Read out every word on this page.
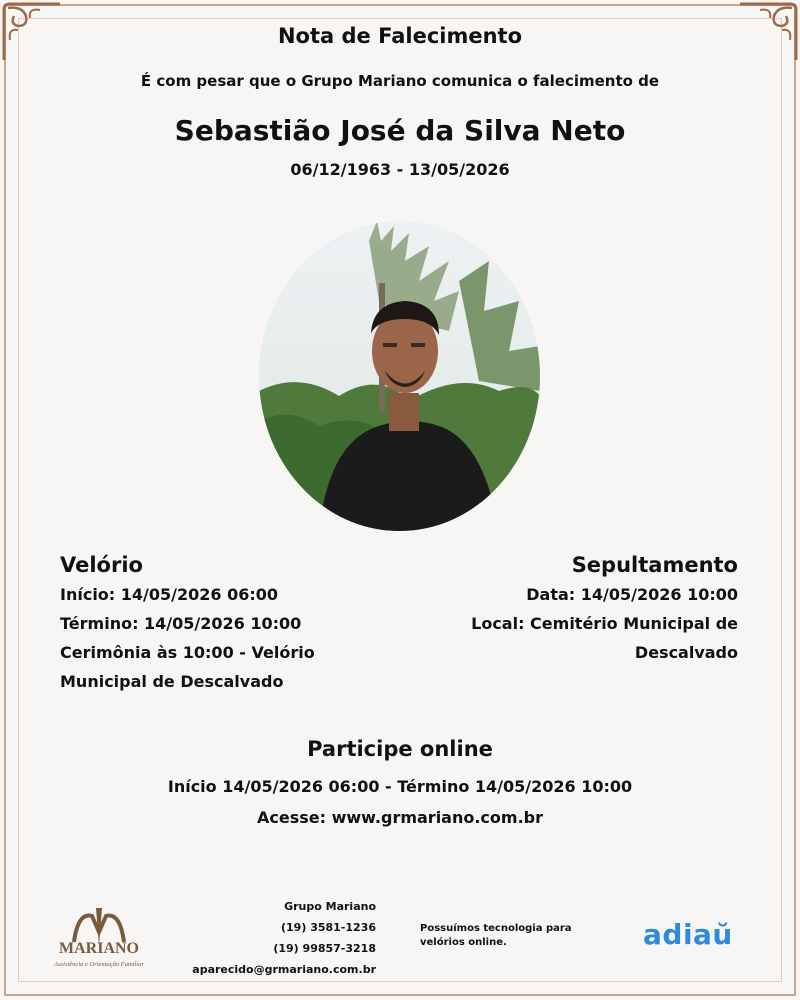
Nota de Falecimento
É com pesar que o Grupo Mariano comunica o falecimento de
Sebastião José da Silva Neto
06/12/1963 - 13/05/2026
Velório
Início: 14/05/2026 06:00
Término: 14/05/2026 10:00
Cerimônia às 10:00 - Velório
Municipal de Descalvado
Sepultamento
Data: 14/05/2026 10:00
Local: Cemitério Municipal de
Descalvado
Participe online
Início 14/05/2026 06:00 - Término 14/05/2026 10:00
Acesse: www.grmariano.com.br
MARIANO
Assistência e Orientação Familiar
Grupo Mariano
(19) 3581-1236
(19) 99857-3218
aparecido@grmariano.com.br
Possuímos tecnologia para
velórios online.	adiaŭ
